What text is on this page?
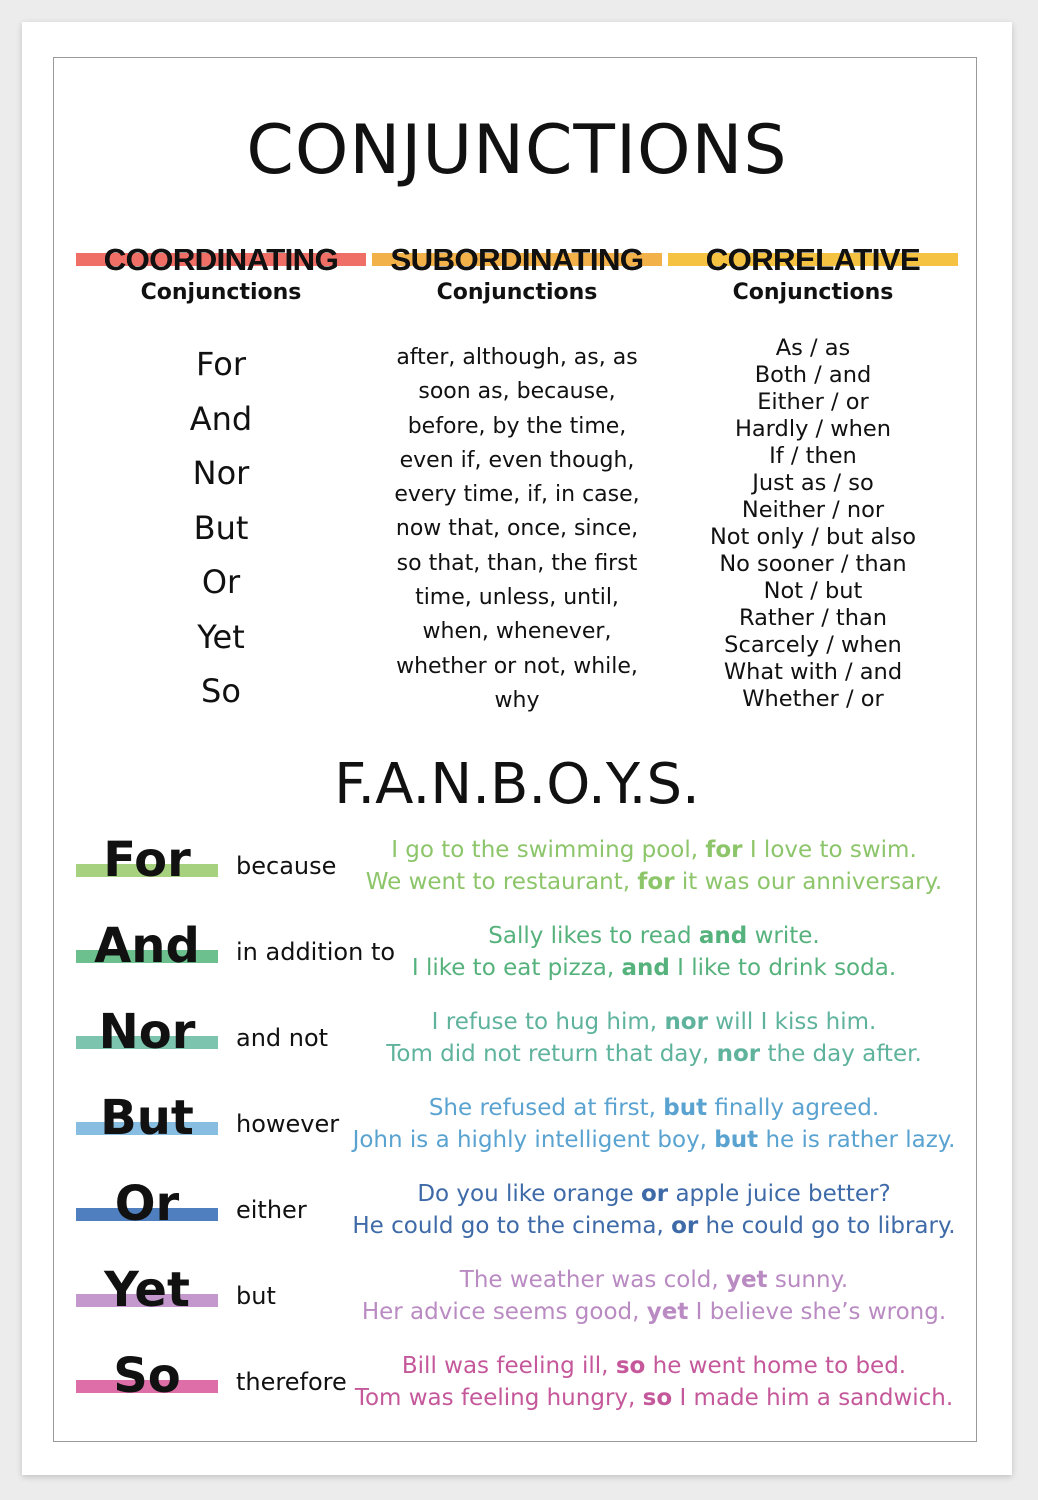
CONJUNCTIONS
COORDINATING
Conjunctions
For
And
Nor
But
Or
Yet
So
SUBORDINATING
Conjunctions
after, although, as, as
soon as, because,
before, by the time,
even if, even though,
every time, if, in case,
now that, once, since,
so that, than, the first
time, unless, until,
when, whenever,
whether or not, while,
why
CORRELATIVE
Conjunctions
As / as
Both / and
Either / or
Hardly / when
If / then
Just as / so
Neither / nor
Not only / but also
No sooner / than
Not / but
Rather / than
Scarcely / when
What with / and
Whether / or
F.A.N.B.O.Y.S.
For	because
I go to the swimming pool, for I love to swim.
We went to restaurant, for it was our anniversary.
And	in addition to
Sally likes to read and write.
I like to eat pizza, and I like to drink soda.
Nor	and not
I refuse to hug him, nor will I kiss him.
Tom did not return that day, nor the day after.
But	however
She refused at first, but finally agreed.
John is a highly intelligent boy, but he is rather lazy.
Or	either
Do you like orange or apple juice better?
He could go to the cinema, or he could go to library.
Yet	but
The weather was cold, yet sunny.
Her advice seems good, yet I believe she’s wrong.
So	therefore
Bill was feeling ill, so he went home to bed.
Tom was feeling hungry, so I made him a sandwich.
